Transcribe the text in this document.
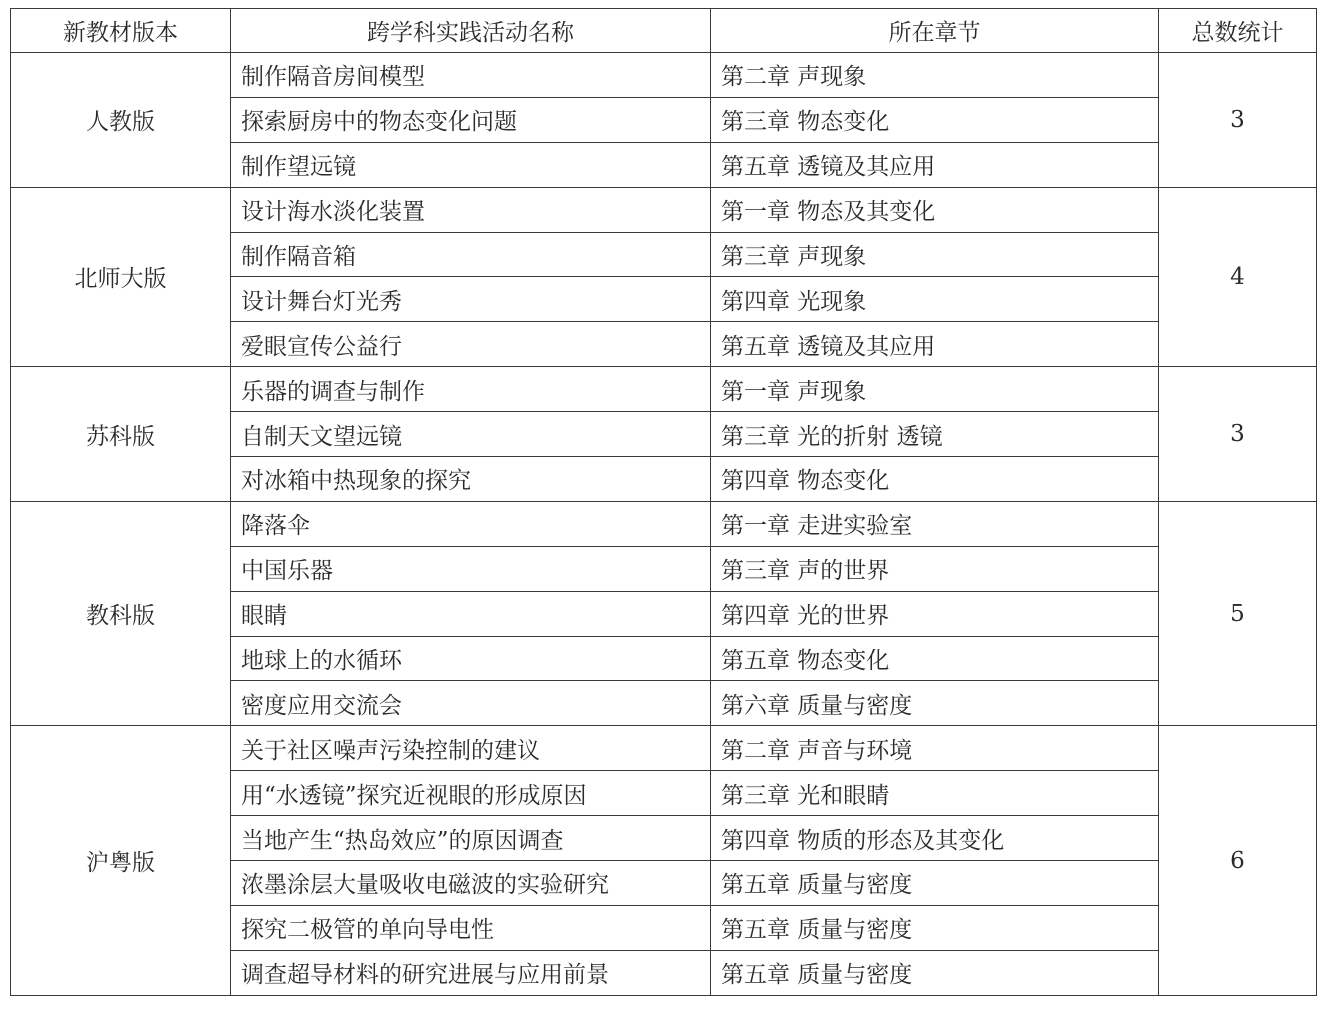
新教材版本	跨学科实践活动名称	所在章节	总数统计
人教版	制作隔音房间模型	第二章 声现象	3
	探索厨房中的物态变化问题	第三章 物态变化	
	制作望远镜	第五章 透镜及其应用	
北师大版	设计海水淡化装置	第一章 物态及其变化	4
	制作隔音箱	第三章 声现象	
	设计舞台灯光秀	第四章 光现象	
	爱眼宣传公益行	第五章 透镜及其应用	
苏科版	乐器的调查与制作	第一章 声现象	3
	自制天文望远镜	第三章 光的折射 透镜	
	对冰箱中热现象的探究	第四章 物态变化	
教科版	降落伞	第一章 走进实验室	5
	中国乐器	第三章 声的世界	
	眼睛	第四章 光的世界	
	地球上的水循环	第五章 物态变化	
	密度应用交流会	第六章 质量与密度	
沪粤版	关于社区噪声污染控制的建议	第二章 声音与环境	6
	用“水透镜”探究近视眼的形成原因	第三章 光和眼睛	
	当地产生“热岛效应”的原因调查	第四章 物质的形态及其变化	
	浓墨涂层大量吸收电磁波的实验研究	第五章 质量与密度	
	探究二极管的单向导电性	第五章 质量与密度	
	调查超导材料的研究进展与应用前景	第五章 质量与密度	
